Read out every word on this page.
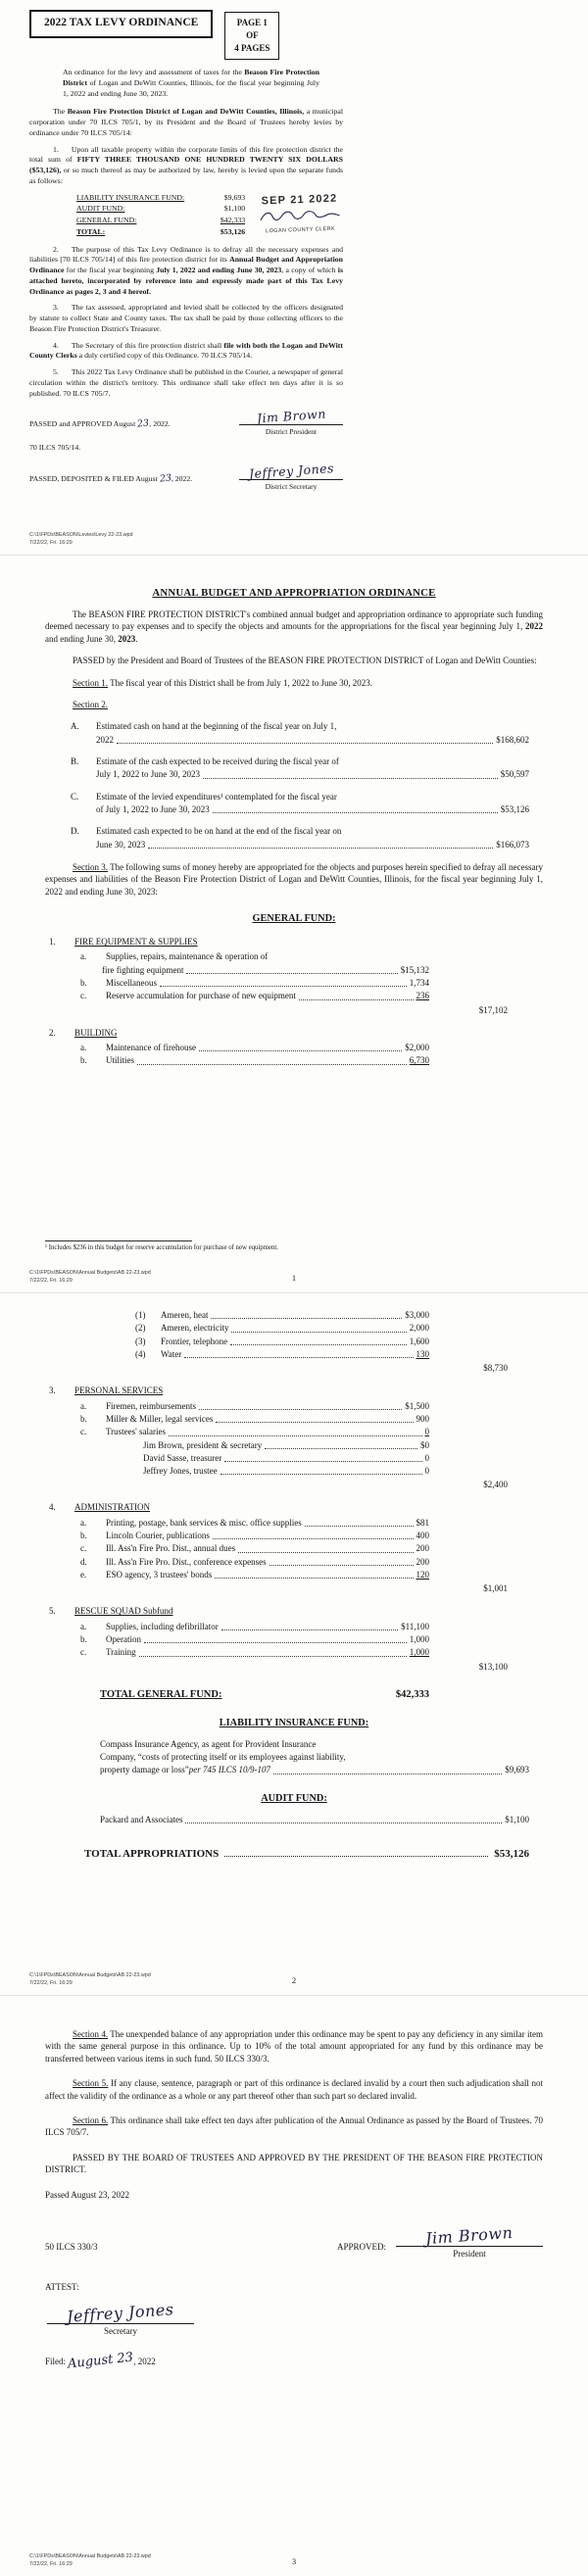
2022 TAX LEVY ORDINANCE	PAGE 1
OF
4 PAGES

An ordinance for the levy and assessment of taxes for the Beason Fire Protection District of Logan and DeWitt Counties, Illinois, for the fiscal year beginning July 1, 2022 and ending June 30, 2023.

The Beason Fire Protection District of Logan and DeWitt Counties, Illinois, a municipal corporation under 70 ILCS 705/1, by its President and the Board of Trustees hereby levies by ordinance under 70 ILCS 705/14:

1. Upon all taxable property within the corporate limits of this fire protection district the total sum of FIFTY THREE THOUSAND ONE HUNDRED TWENTY SIX DOLLARS ($53,126), or so much thereof as may be authorized by law, hereby is levied upon the separate funds as follows:

LIABILITY INSURANCE FUND:	$9,693
AUDIT FUND:	$1,100
GENERAL FUND:	$42,333
TOTAL:	$53,126
SEP 21 2022
LOGAN COUNTY CLERK

2. The purpose of this Tax Levy Ordinance is to defray all the necessary expenses and liabilities [70 ILCS 705/14] of this fire protection district for its Annual Budget and Appropriation Ordinance for the fiscal year beginning July 1, 2022 and ending June 30, 2023, a copy of which is attached hereto, incorporated by reference into and expressly made part of this Tax Levy Ordinance as pages 2, 3 and 4 hereof.

3. The tax assessed, appropriated and levied shall be collected by the officers designated by statute to collect State and County taxes. The tax shall be paid by those collecting officers to the Beason Fire Protection District's Treasurer.

4. The Secretary of this fire protection district shall file with both the Logan and DeWitt County Clerks a duly certified copy of this Ordinance. 70 ILCS 705/14.

5. This 2022 Tax Levy Ordinance shall be published in the Courier, a newspaper of general circulation within the district's territory. This ordinance shall take effect ten days after it is so published. 70 ILCS 705/7.

PASSED and APPROVED August 23, 2022.	Jim Brown
District President

70 ILCS 705/14.

PASSED, DEPOSITED & FILED August 23, 2022.	Jeffrey Jones
District Secretary
C:\1\FPDs\BEASON\Levies\Levy 22-23.wpd
7/22/22, Fri. 16:29
ANNUAL BUDGET AND APPROPRIATION ORDINANCE

The BEASON FIRE PROTECTION DISTRICT's combined annual budget and appropriation ordinance to appropriate such funding deemed necessary to pay expenses and to specify the objects and amounts for the appropriations for the fiscal year beginning July 1, 2022 and ending June 30, 2023.

PASSED by the President and Board of Trustees of the BEASON FIRE PROTECTION DISTRICT of Logan and DeWitt Counties:

Section 1. The fiscal year of this District shall be from July 1, 2022 to June 30, 2023.

Section 2.

A.	Estimated cash on hand at the beginning of the fiscal year on July 1,
2022	$168,602
B.	Estimate of the cash expected to be received during the fiscal year of
July 1, 2022 to June 30, 2023	$50,597
C.	Estimate of the levied expenditures¹ contemplated for the fiscal year
of July 1, 2022 to June 30, 2023	$53,126
D.	Estimated cash expected to be on hand at the end of the fiscal year on
June 30, 2023	$166,073

Section 3. The following sums of money hereby are appropriated for the objects and purposes herein specified to defray all necessary expenses and liabilities of the Beason Fire Protection District of Logan and DeWitt Counties, Illinois, for the fiscal year beginning July 1, 2022 and ending June 30, 2023:

GENERAL FUND:
1.	FIRE EQUIPMENT & SUPPLIES
a.	Supplies, repairs, maintenance & operation of
fire fighting equipment	$15,132
b.	Miscellaneous	1,734
c.	Reserve accumulation for purchase of new equipment	236
$17,102
2.	BUILDING
a.	Maintenance of firehouse	$2,000
b.	Utilities	6,730
¹ Includes $236 in this budget for reserve accumulation for purchase of new equipment.
C:\1\FPDs\BEASON\Annual Budgets\AB 22-23.wpd
7/22/22, Fri. 16:29	1
(1)	Ameren, heat	$3,000
(2)	Ameren, electricity	2,000
(3)	Frontier, telephone	1,600
(4)	Water	130
$8,730
3.	PERSONAL SERVICES
a.	Firemen, reimbursements	$1,500
b.	Miller & Miller, legal services	900
c.	Trustees' salaries	0
Jim Brown, president & secretary	$0
David Sasse, treasurer	0
Jeffrey Jones, trustee	0
$2,400
4.	ADMINISTRATION
a.	Printing, postage, bank services & misc. office supplies	$81
b.	Lincoln Courier, publications	400
c.	Ill. Ass'n Fire Pro. Dist., annual dues	200
d.	Ill. Ass'n Fire Pro. Dist., conference expenses	200
e.	ESO agency, 3 trustees' bonds	120
$1,001
5.	RESCUE SQUAD Subfund
a.	Supplies, including defibrillator	$11,100
b.	Operation	1,000
c.	Training	1,000
$13,100
TOTAL GENERAL FUND:	$42,333
LIABILITY INSURANCE FUND:
Compass Insurance Agency, as agent for Provident Insurance
Company, “costs of protecting itself or its employees against liability,
property damage or loss” per 745 ILCS 10/9-107	$9,693
AUDIT FUND:
Packard and Associates	$1,100
TOTAL APPROPRIATIONS	$53,126
C:\1\FPDs\BEASON\Annual Budgets\AB 22-23.wpd
7/22/22, Fri. 16:29	2

Section 4. The unexpended balance of any appropriation under this ordinance may be spent to pay any deficiency in any similar item with the same general purpose in this ordinance. Up to 10% of the total amount appropriated for any fund by this ordinance may be transferred between various items in such fund. 50 ILCS 330/3.

Section 5. If any clause, sentence, paragraph or part of this ordinance is declared invalid by a court then such adjudication shall not affect the validity of the ordinance as a whole or any part thereof other than such part so declared invalid.

Section 6. This ordinance shall take effect ten days after publication of the Annual Ordinance as passed by the Board of Trustees. 70 ILCS 705/7.

PASSED BY THE BOARD OF TRUSTEES AND APPROVED BY THE PRESIDENT OF THE BEASON FIRE PROTECTION DISTRICT.

Passed August 23, 2022

50 ILCS 330/3	APPROVED:	Jim Brown
President

ATTEST:

Jeffrey Jones
Secretary

Filed: August 23, 2022

C:\1\FPDs\BEASON\Annual Budgets\AB 22-23.wpd
7/22/22, Fri. 16:29	3
